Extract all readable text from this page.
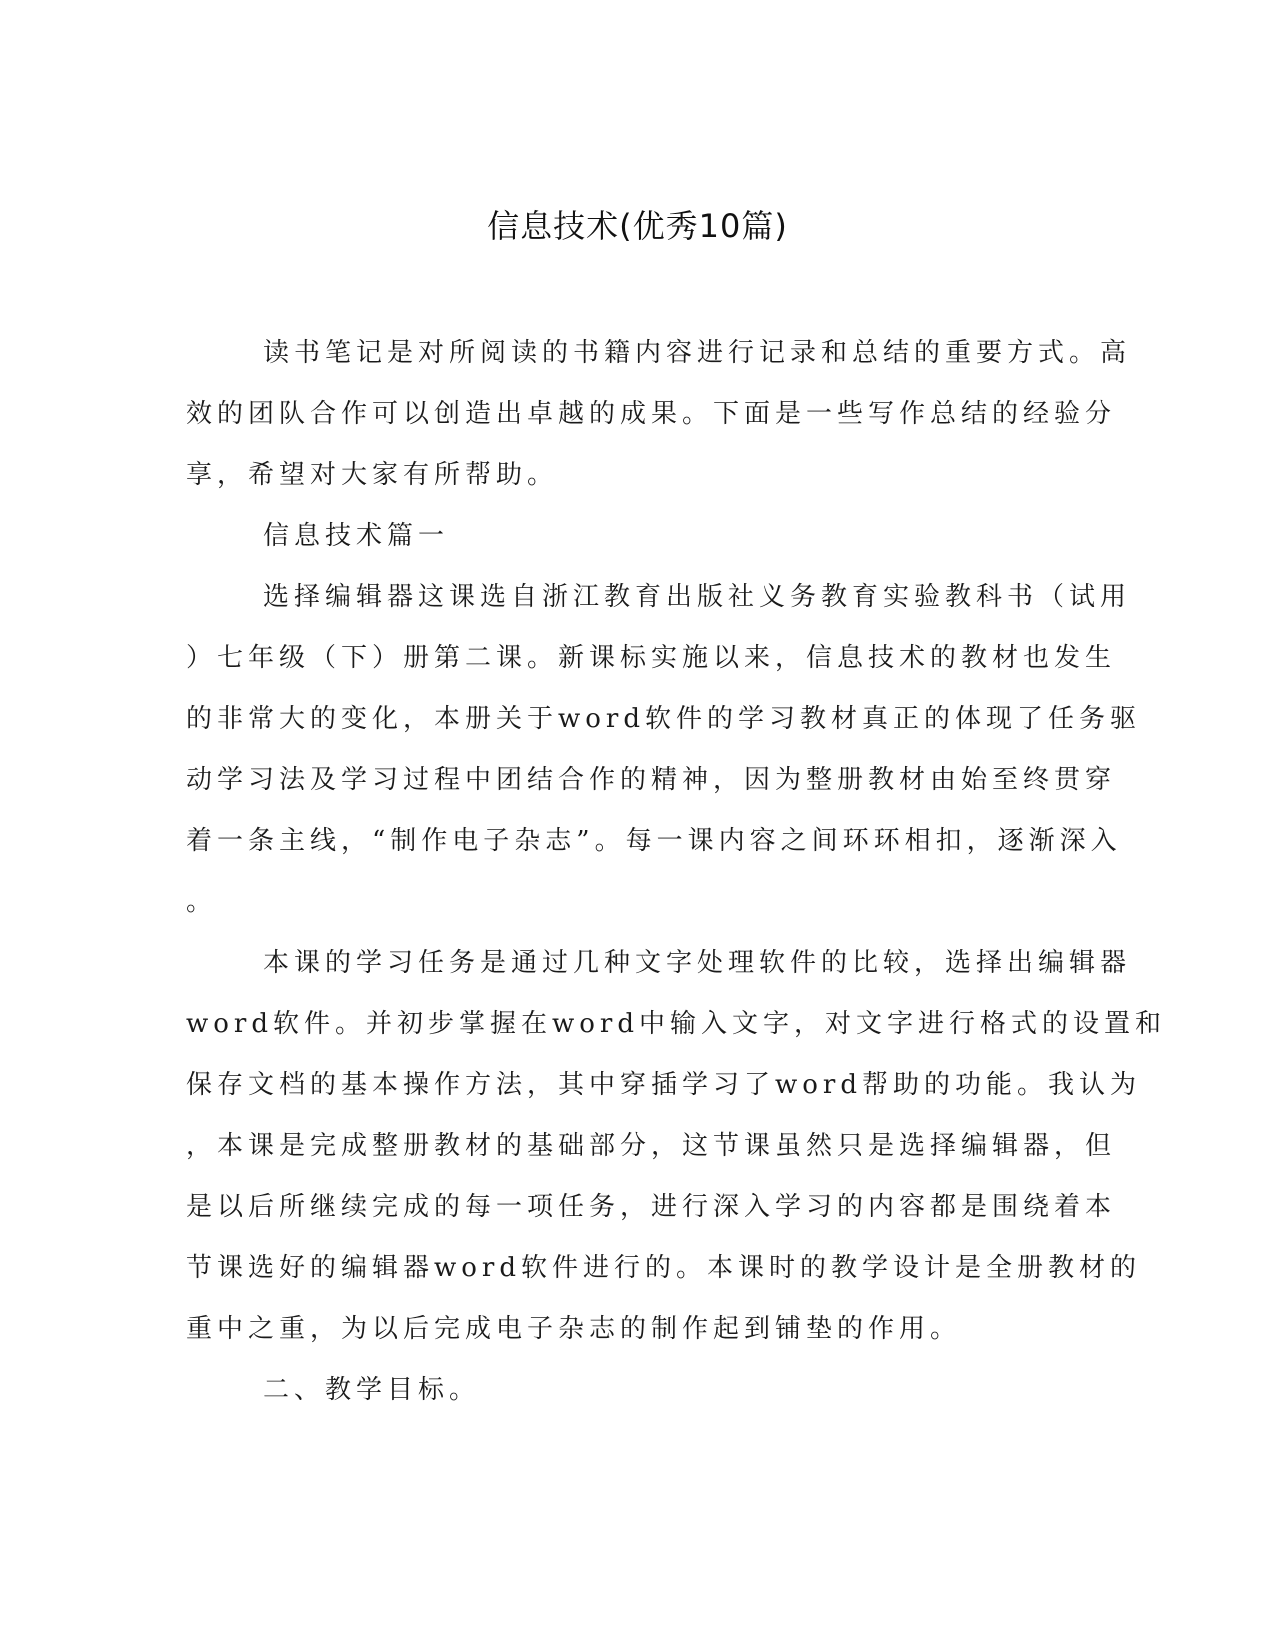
信息技术(优秀10篇)
读书笔记是对所阅读的书籍内容进行记录和总结的重要方式。高
效的团队合作可以创造出卓越的成果。下面是一些写作总结的经验分
享，希望对大家有所帮助。
信息技术篇一
选择编辑器这课选自浙江教育出版社义务教育实验教科书（试用
）七年级（下）册第二课。新课标实施以来，信息技术的教材也发生
的非常大的变化，本册关于word软件的学习教材真正的体现了任务驱
动学习法及学习过程中团结合作的精神，因为整册教材由始至终贯穿
着一条主线，“制作电子杂志”。每一课内容之间环环相扣，逐渐深入
。
本课的学习任务是通过几种文字处理软件的比较，选择出编辑器
word软件。并初步掌握在word中输入文字，对文字进行格式的设置和
保存文档的基本操作方法，其中穿插学习了word帮助的功能。我认为
，本课是完成整册教材的基础部分，这节课虽然只是选择编辑器，但
是以后所继续完成的每一项任务，进行深入学习的内容都是围绕着本
节课选好的编辑器word软件进行的。本课时的教学设计是全册教材的
重中之重，为以后完成电子杂志的制作起到铺垫的作用。
二、教学目标。
